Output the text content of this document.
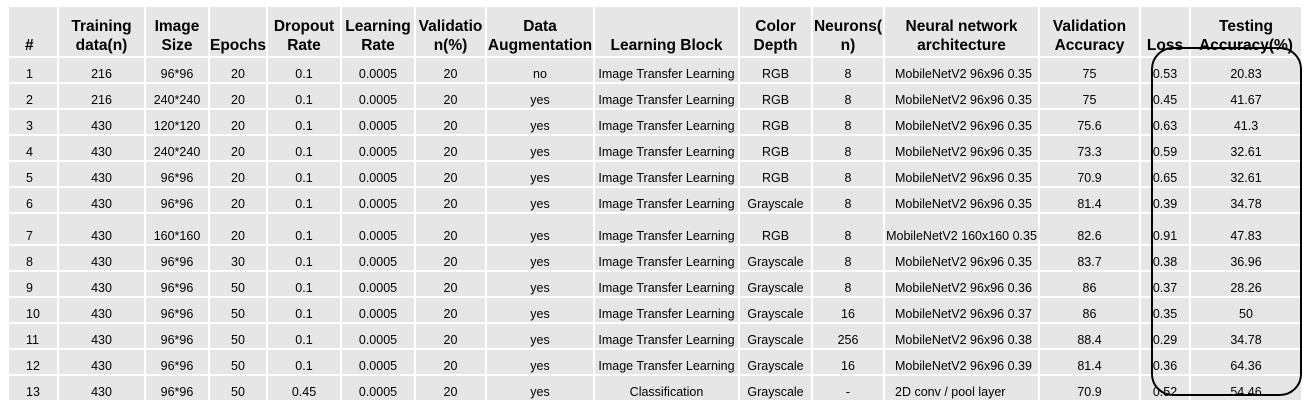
#	Training data(n)	Image Size	Epochs	Dropout Rate	Learning Rate	Validatio n(%)	Data Augmentation	Learning Block	Color Depth	Neurons( n)	Neural network architecture	Validation Accuracy	Loss	Testing Accuracy(%)
1	216	96*96	20	0.1	0.0005	20	no	Image Transfer Learning	RGB	8	MobileNetV2 96x96 0.35	75	0.53	20.83
2	216	240*240	20	0.1	0.0005	20	yes	Image Transfer Learning	RGB	8	MobileNetV2 96x96 0.35	75	0.45	41.67
3	430	120*120	20	0.1	0.0005	20	yes	Image Transfer Learning	RGB	8	MobileNetV2 96x96 0.35	75.6	0.63	41.3
4	430	240*240	20	0.1	0.0005	20	yes	Image Transfer Learning	RGB	8	MobileNetV2 96x96 0.35	73.3	0.59	32.61
5	430	96*96	20	0.1	0.0005	20	yes	Image Transfer Learning	RGB	8	MobileNetV2 96x96 0.35	70.9	0.65	32.61
6	430	96*96	20	0.1	0.0005	20	yes	Image Transfer Learning	Grayscale	8	MobileNetV2 96x96 0.35	81.4	0.39	34.78
7	430	160*160	20	0.1	0.0005	20	yes	Image Transfer Learning	RGB	8	MobileNetV2 160x160 0.35	82.6	0.91	47.83
8	430	96*96	30	0.1	0.0005	20	yes	Image Transfer Learning	Grayscale	8	MobileNetV2 96x96 0.35	83.7	0.38	36.96
9	430	96*96	50	0.1	0.0005	20	yes	Image Transfer Learning	Grayscale	8	MobileNetV2 96x96 0.36	86	0.37	28.26
10	430	96*96	50	0.1	0.0005	20	yes	Image Transfer Learning	Grayscale	16	MobileNetV2 96x96 0.37	86	0.35	50
11	430	96*96	50	0.1	0.0005	20	yes	Image Transfer Learning	Grayscale	256	MobileNetV2 96x96 0.38	88.4	0.29	34.78
12	430	96*96	50	0.1	0.0005	20	yes	Image Transfer Learning	Grayscale	16	MobileNetV2 96x96 0.39	81.4	0.36	64.36
13	430	96*96	50	0.45	0.0005	20	yes	Classification	Grayscale	-	2D conv / pool layer	70.9	0.52	54.46
